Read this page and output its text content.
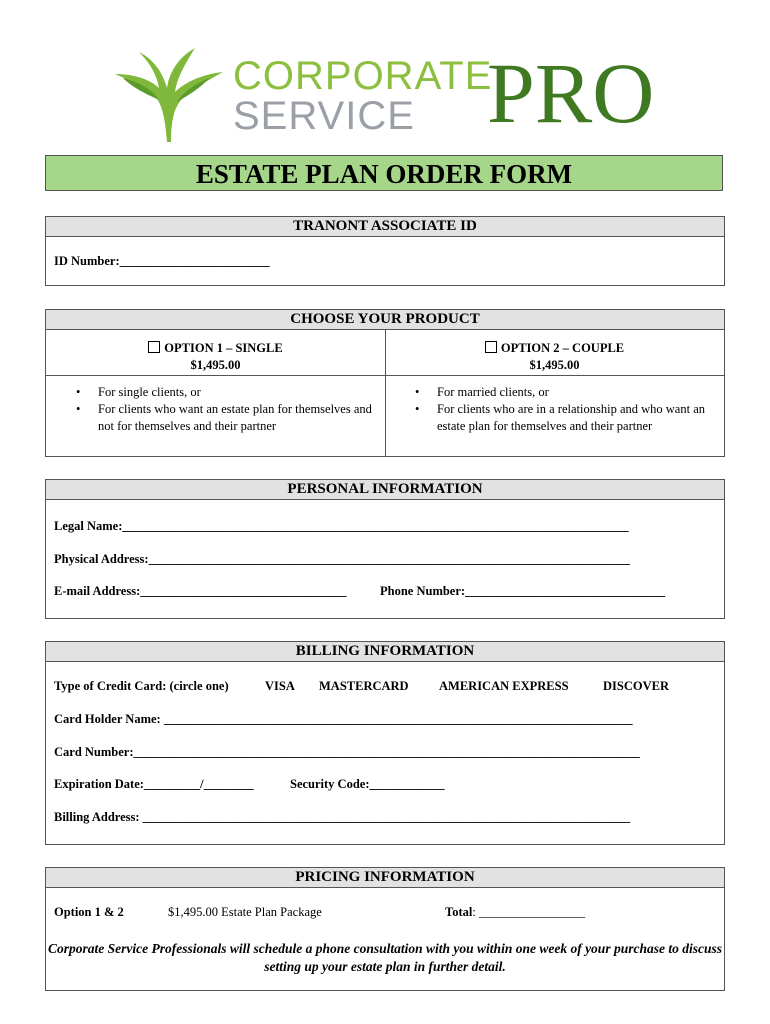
CORPORATE
SERVICE PRO
ESTATE PLAN ORDER FORM
TRANONT ASSOCIATE ID
ID Number:________________________
CHOOSE YOUR PRODUCT
OPTION 1 – SINGLE
$1,495.00
• For single clients, or
• For clients who want an estate plan for themselves and not for themselves and their partner
OPTION 2 – COUPLE
$1,495.00
• For married clients, or
• For clients who are in a relationship and who want an estate plan for themselves and their partner
PERSONAL INFORMATION
Legal Name:_________________________________________________________________________________
Physical Address:_____________________________________________________________________________
E-mail Address:_________________________________	Phone Number:________________________________
BILLING INFORMATION
Type of Credit Card: (circle one)	VISA MASTERCARD AMERICAN EXPRESS	DISCOVER
Card Holder Name: ___________________________________________________________________________
Card Number:_________________________________________________________________________________
Expiration Date:_________/________	Security Code:____________
Billing Address: ______________________________________________________________________________
PRICING INFORMATION
Option 1 & 2	$1,495.00 Estate Plan Package	Total: _________________
Corporate Service Professionals will schedule a phone consultation with you within one week of your purchase to discuss setting up your estate plan in further detail.
